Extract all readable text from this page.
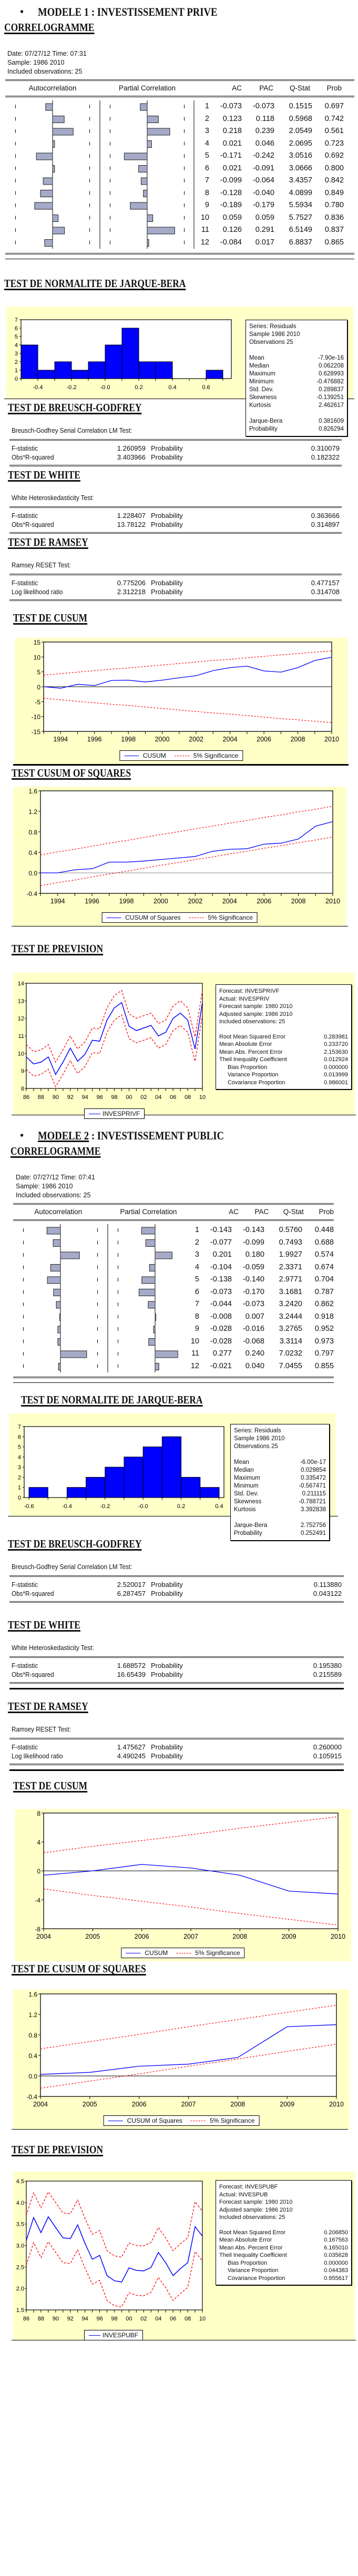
• MODELE 1 : INVESTISSEMENT PRIVE
CORRELOGRAMME
Date: 07/27/12 Time: 07:31
Sample: 1986 2010
Included observations: 25
Autocorrelation	Partial Correlation	AC	PAC	Q-Stat	Prob
1	-0.073	-0.073	0.1515	0.697
2	0.123	0.118	0.5968	0.742
3	0.218	0.239	2.0549	0.561
4	0.021	0.046	2.0695	0.723
5	-0.171	-0.242	3.0516	0.692
6	0.021	-0.091	3.0666	0.800
7	-0.099	-0.064	3.4357	0.842
8	-0.128	-0.040	4.0899	0.849
9	-0.189	-0.179	5.5934	0.780
10	0.059	0.059	5.7527	0.836
11	0.126	0.291	6.5149	0.837
12	-0.084	0.017	6.8837	0.865
TEST DE NORMALITE DE JARQUE-BERA
0
1
2
3
4
5
6
7
-0.4	-0.2	-0.0	0.2	0.4	0.6
Series: Residuals
Sample 1986 2010
Observations 25
Mean	-7.90e-16
Median	0.062208
Maximum	0.628993
Minimum	-0.476882
Std. Dev.	0.289837
Skewness	-0.139251
Kurtosis	2.462617
Jarque-Bera	0.381609
Probability	0.826294
TEST DE BREUSCH-GODFREY
Breusch-Godfrey Serial Correlation LM Test:
F-statistic	1.260959 Probability	0.310079
Obs*R-squared	3.403966 Probability	0.182322
TEST DE WHITE
White Heteroskedasticity Test:
F-statistic	1.228407 Probability	0.363666
Obs*R-squared	13.78122 Probability	0.314897
TEST DE RAMSEY
Ramsey RESET Test:
F-statistic	0.775206 Probability	0.477157
Log likelihood ratio	2.312218 Probability	0.314708
TEST DE CUSUM
-15
-10
-5
0
5
10
15
1994	1996	1998	2000	2002	2004	2006	2008	2010
CUSUM	5% Significance
TEST CUSUM OF SQUARES
-0.4
0.0
0.4
0.8
1.2
1.6
1994	1996	1998	2000	2002	2004	2006	2008	2010
CUSUM of Squares	5% Significance
TEST DE PREVISION
8
9
10
11
12
13
14
86 88 90 92 94 96 98 00 02 04 06 08 10
INVESPRIVF
Forecast: INVESPRIVF
Actual: INVESPRIV
Forecast sample: 1980 2010
Adjusted sample: 1986 2010
Included observations: 25
Root Mean Squared Error	0.283981
Mean Absolute Error	0.233720
Mean Abs. Percent Error	2.153630
Theil Inequality Coefficient	0.012924
Bias Proportion	0.000000
Variance Proportion	0.013999
Covariance Proportion	0.986001
• MODELE 2 : INVESTISSEMENT PUBLIC
CORRELOGRAMME
Date: 07/27/12 Time: 07:41
Sample: 1986 2010
Included observations: 25
Autocorrelation	Partial Correlation	AC	PAC	Q-Stat	Prob
1	-0.143	-0.143	0.5760	0.448
2	-0.077	-0.099	0.7493	0.688
3	0.201	0.180	1.9927	0.574
4	-0.104	-0.059	2.3371	0.674
5	-0.138	-0.140	2.9771	0.704
6	-0.073	-0.170	3.1681	0.787
7	-0.044	-0.073	3.2420	0.862
8	-0.008	0.007	3.2444	0.918
9	-0.028	-0.016	3.2765	0.952
10	-0.028	-0.068	3.3114	0.973
11	0.277	0.240	7.0232	0.797
12	-0.021	0.040	7.0455	0.855
TEST DE NORMALITE DE JARQUE-BERA
0
1
2
3
4
5
6
7
-0.6	-0.4	-0.2	-0.0	0.2	0.4
Series: Residuals
Sample 1986 2010
Observations 25
Mean	-6.00e-17
Median	0.029854
Maximum	0.335472
Minimum	-0.567471
Std. Dev.	0.211115
Skewness	-0.788721
Kurtosis	3.392838
Jarque-Bera	2.752756
Probability	0.252491
TEST DE BREUSCH-GODFREY
Breusch-Godfrey Serial Correlation LM Test:
F-statistic	2.520017 Probability	0.113880
Obs*R-squared	6.287457 Probability	0.043122
TEST DE WHITE
White Heteroskedasticity Test:
F-statistic	1.688572 Probability	0.195380
Obs*R-squared	16.65439 Probability	0.215589
TEST DE RAMSEY
Ramsey RESET Test:
F-statistic	1.475627 Probability	0.260000
Log likelihood ratio	4.490245 Probability	0.105915
TEST DE CUSUM
-8
-4
0
4
8
2004	2005	2006	2007	2008	2009	2010
CUSUM	5% Significance
TEST DE CUSUM OF SQUARES
-0.4
0.0
0.4
0.8
1.2
1.6
2004	2005	2006	2007	2008	2009	2010
CUSUM of Squares	5% Significance
TEST DE PREVISION
1.5
2.0
2.5
3.0
3.5
4.0
4.5
86 88 90 92 94 96 98 00 02 04 06 08 10
INVESPUBF
Forecast: INVESPUBF
Actual: INVESPUB
Forecast sample: 1980 2010
Adjusted sample: 1986 2010
Included observations: 25
Root Mean Squared Error	0.206850
Mean Absolute Error	0.167563
Mean Abs. Percent Error	6.165010
Theil Inequality Coefficient	0.035628
Bias Proportion	0.000000
Variance Proportion	0.044383
Covariance Proportion	0.955617
